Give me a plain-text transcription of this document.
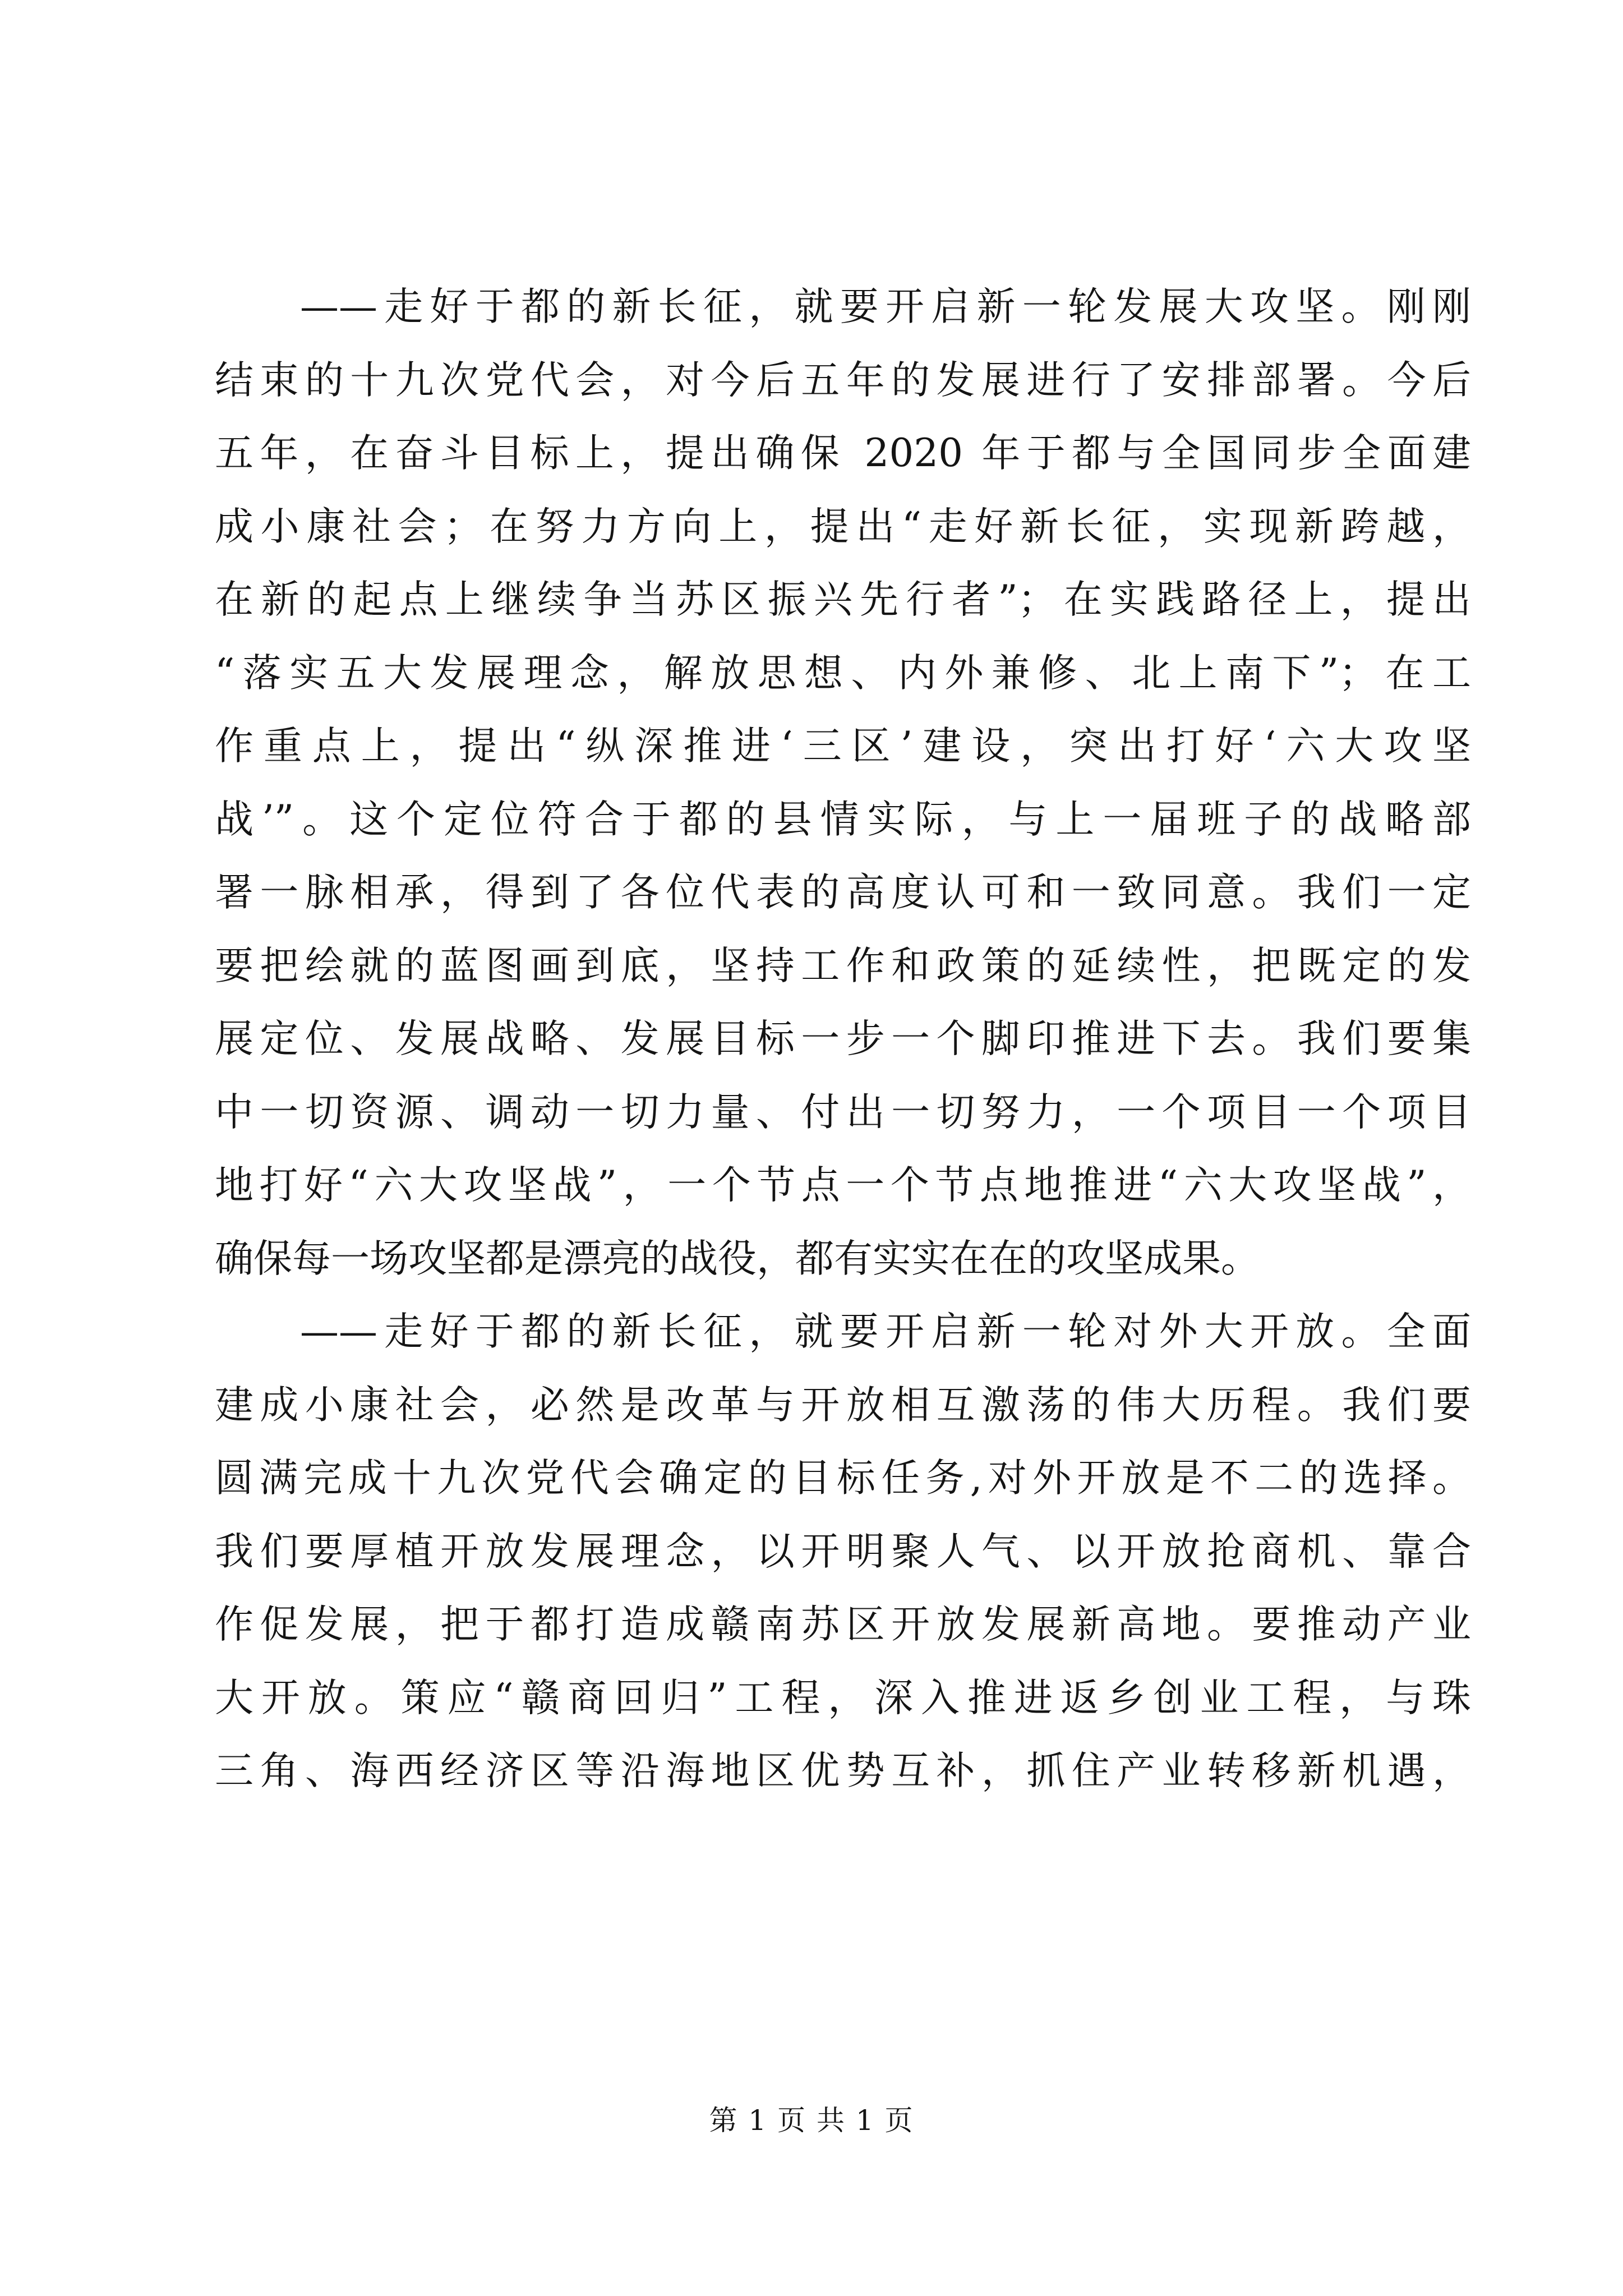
——走好于都的新长征，就要开启新一轮发展大攻坚。刚刚
结束的十九次党代会，对今后五年的发展进行了安排部署。今后
五年，在奋斗目标上，提出确保 2020 年于都与全国同步全面建
成小康社会；在努力方向上，提出“走好新长征，实现新跨越，
在新的起点上继续争当苏区振兴先行者”；在实践路径上，提出
“落实五大发展理念，解放思想、内外兼修、北上南下”；在工
作重点上，提出“纵深推进‘三区’建设，突出打好‘六大攻坚
战’”。这个定位符合于都的县情实际，与上一届班子的战略部
署一脉相承，得到了各位代表的高度认可和一致同意。我们一定
要把绘就的蓝图画到底，坚持工作和政策的延续性，把既定的发
展定位、发展战略、发展目标一步一个脚印推进下去。我们要集
中一切资源、调动一切力量、付出一切努力，一个项目一个项目
地打好“六大攻坚战”，一个节点一个节点地推进“六大攻坚战”，
确保每一场攻坚都是漂亮的战役，都有实实在在的攻坚成果。
——走好于都的新长征，就要开启新一轮对外大开放。全面
建成小康社会，必然是改革与开放相互激荡的伟大历程。我们要
圆满完成十九次党代会确定的目标任务,对外开放是不二的选择。
我们要厚植开放发展理念，以开明聚人气、以开放抢商机、靠合
作促发展，把于都打造成赣南苏区开放发展新高地。要推动产业
大开放。策应“赣商回归”工程，深入推进返乡创业工程，与珠
三角、海西经济区等沿海地区优势互补，抓住产业转移新机遇，
第 1 页 共 1 页
